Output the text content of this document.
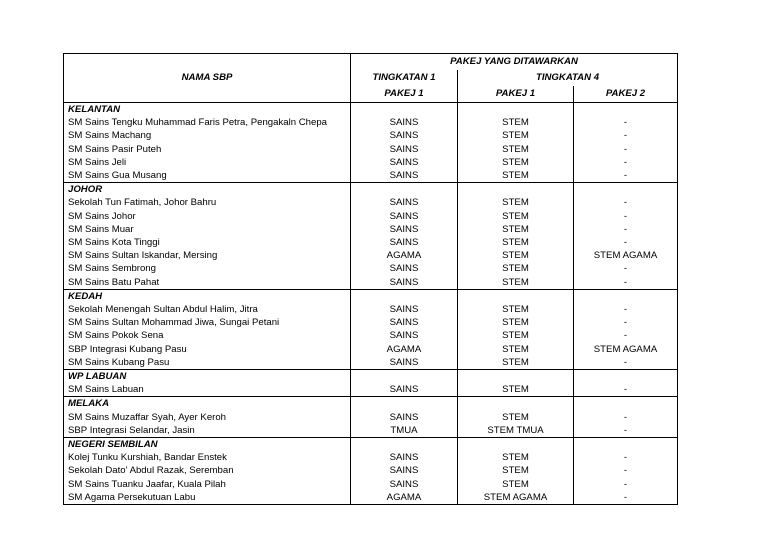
NAMA SBP	PAKEJ YANG DITAWARKAN		
	TINGKATAN 1	TINGKATAN 4	
	PAKEJ 1	PAKEJ 1	PAKEJ 2
KELANTAN			
SM Sains Tengku Muhammad Faris Petra, Pengakaln Chepa	SAINS	STEM	-
SM Sains Machang	SAINS	STEM	-
SM Sains Pasir Puteh	SAINS	STEM	-
SM Sains Jeli	SAINS	STEM	-
SM Sains Gua Musang	SAINS	STEM	-
JOHOR			
Sekolah Tun Fatimah, Johor Bahru	SAINS	STEM	-
SM Sains Johor	SAINS	STEM	-
SM Sains Muar	SAINS	STEM	-
SM Sains Kota Tinggi	SAINS	STEM	-
SM Sains Sultan Iskandar, Mersing	AGAMA	STEM	STEM AGAMA
SM Sains Sembrong	SAINS	STEM	-
SM Sains Batu Pahat	SAINS	STEM	-
KEDAH			
Sekolah Menengah Sultan Abdul Halim, Jitra	SAINS	STEM	-
SM Sains Sultan Mohammad Jiwa, Sungai Petani	SAINS	STEM	-
SM Sains Pokok Sena	SAINS	STEM	-
SBP Integrasi Kubang Pasu	AGAMA	STEM	STEM AGAMA
SM Sains Kubang Pasu	SAINS	STEM	-
WP LABUAN			
SM Sains Labuan	SAINS	STEM	-
MELAKA			
SM Sains Muzaffar Syah, Ayer Keroh	SAINS	STEM	-
SBP Integrasi Selandar, Jasin	TMUA	STEM TMUA	-
NEGERI SEMBILAN			
Kolej Tunku Kurshiah, Bandar Enstek	SAINS	STEM	-
Sekolah Dato' Abdul Razak, Seremban	SAINS	STEM	-
SM Sains Tuanku Jaafar, Kuala Pilah	SAINS	STEM	-
SM Agama Persekutuan Labu	AGAMA	STEM AGAMA	-
